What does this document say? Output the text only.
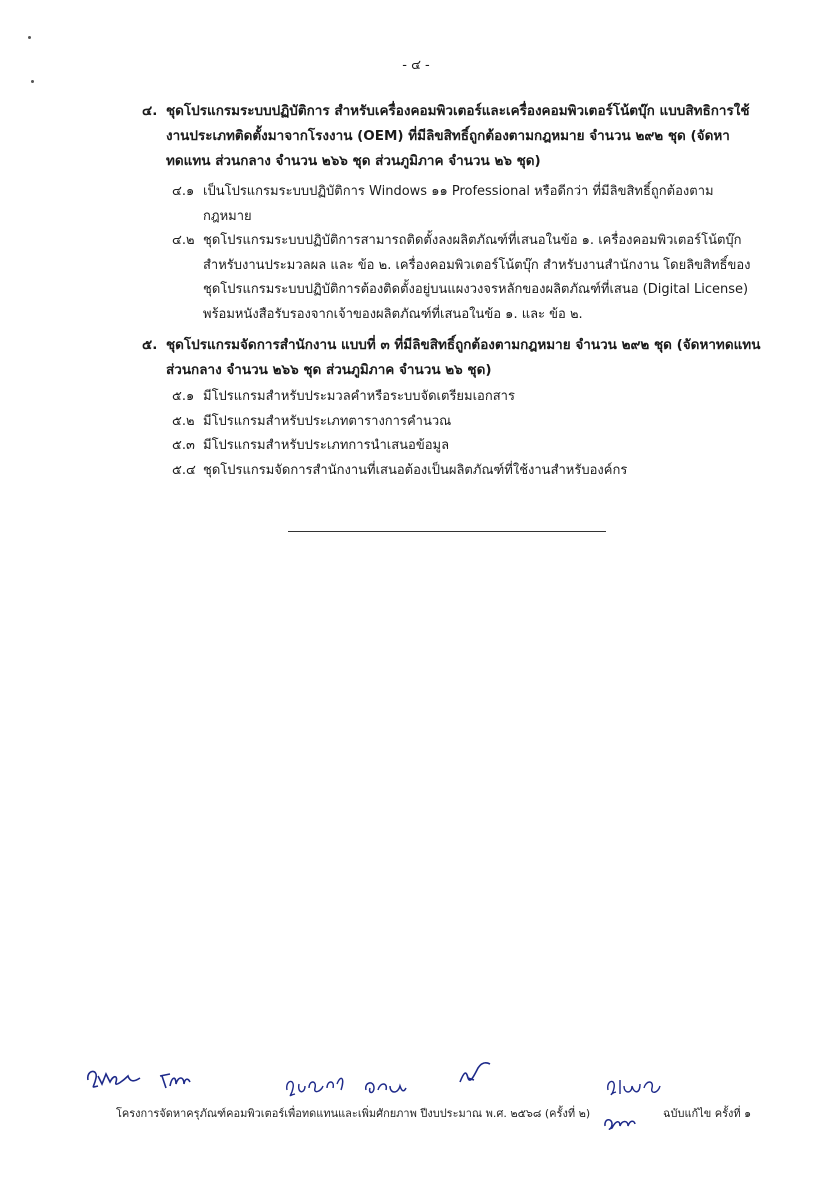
- ๔ -
๔. ชุดโปรแกรมระบบปฏิบัติการ สำหรับเครื่องคอมพิวเตอร์และเครื่องคอมพิวเตอร์โน้ตบุ๊ก แบบสิทธิการใช้งานประเภทติดตั้งมาจากโรงงาน (OEM) ที่มีลิขสิทธิ์ถูกต้องตามกฎหมาย จำนวน ๒๙๒ ชุด (จัดหาทดแทน ส่วนกลาง จำนวน ๒๖๖ ชุด ส่วนภูมิภาค จำนวน ๒๖ ชุด)
๔.๑ เป็นโปรแกรมระบบปฏิบัติการ Windows ๑๑ Professional หรือดีกว่า ที่มีลิขสิทธิ์ถูกต้องตามกฎหมาย
๔.๒ ชุดโปรแกรมระบบปฏิบัติการสามารถติดตั้งลงผลิตภัณฑ์ที่เสนอในข้อ ๑. เครื่องคอมพิวเตอร์โน้ตบุ๊ก สำหรับงานประมวลผล และ ข้อ ๒. เครื่องคอมพิวเตอร์โน้ตบุ๊ก สำหรับงานสำนักงาน โดยลิขสิทธิ์ของชุดโปรแกรมระบบปฏิบัติการต้องติดตั้งอยู่บนแผงวงจรหลักของผลิตภัณฑ์ที่เสนอ (Digital License) พร้อมหนังสือรับรองจากเจ้าของผลิตภัณฑ์ที่เสนอในข้อ ๑. และ ข้อ ๒.
๕. ชุดโปรแกรมจัดการสำนักงาน แบบที่ ๓ ที่มีลิขสิทธิ์ถูกต้องตามกฎหมาย จำนวน ๒๙๒ ชุด (จัดหาทดแทน ส่วนกลาง จำนวน ๒๖๖ ชุด ส่วนภูมิภาค จำนวน ๒๖ ชุด)
๕.๑ มีโปรแกรมสำหรับประมวลคำหรือระบบจัดเตรียมเอกสาร
๕.๒ มีโปรแกรมสำหรับประเภทตารางการคำนวณ
๕.๓ มีโปรแกรมสำหรับประเภทการนำเสนอข้อมูล
๕.๔ ชุดโปรแกรมจัดการสำนักงานที่เสนอต้องเป็นผลิตภัณฑ์ที่ใช้งานสำหรับองค์กร
โครงการจัดหาครุภัณฑ์คอมพิวเตอร์เพื่อทดแทนและเพิ่มศักยภาพ ปีงบประมาณ พ.ศ. ๒๕๖๘ (ครั้งที่ ๒)	ฉบับแก้ไข ครั้งที่ ๑
